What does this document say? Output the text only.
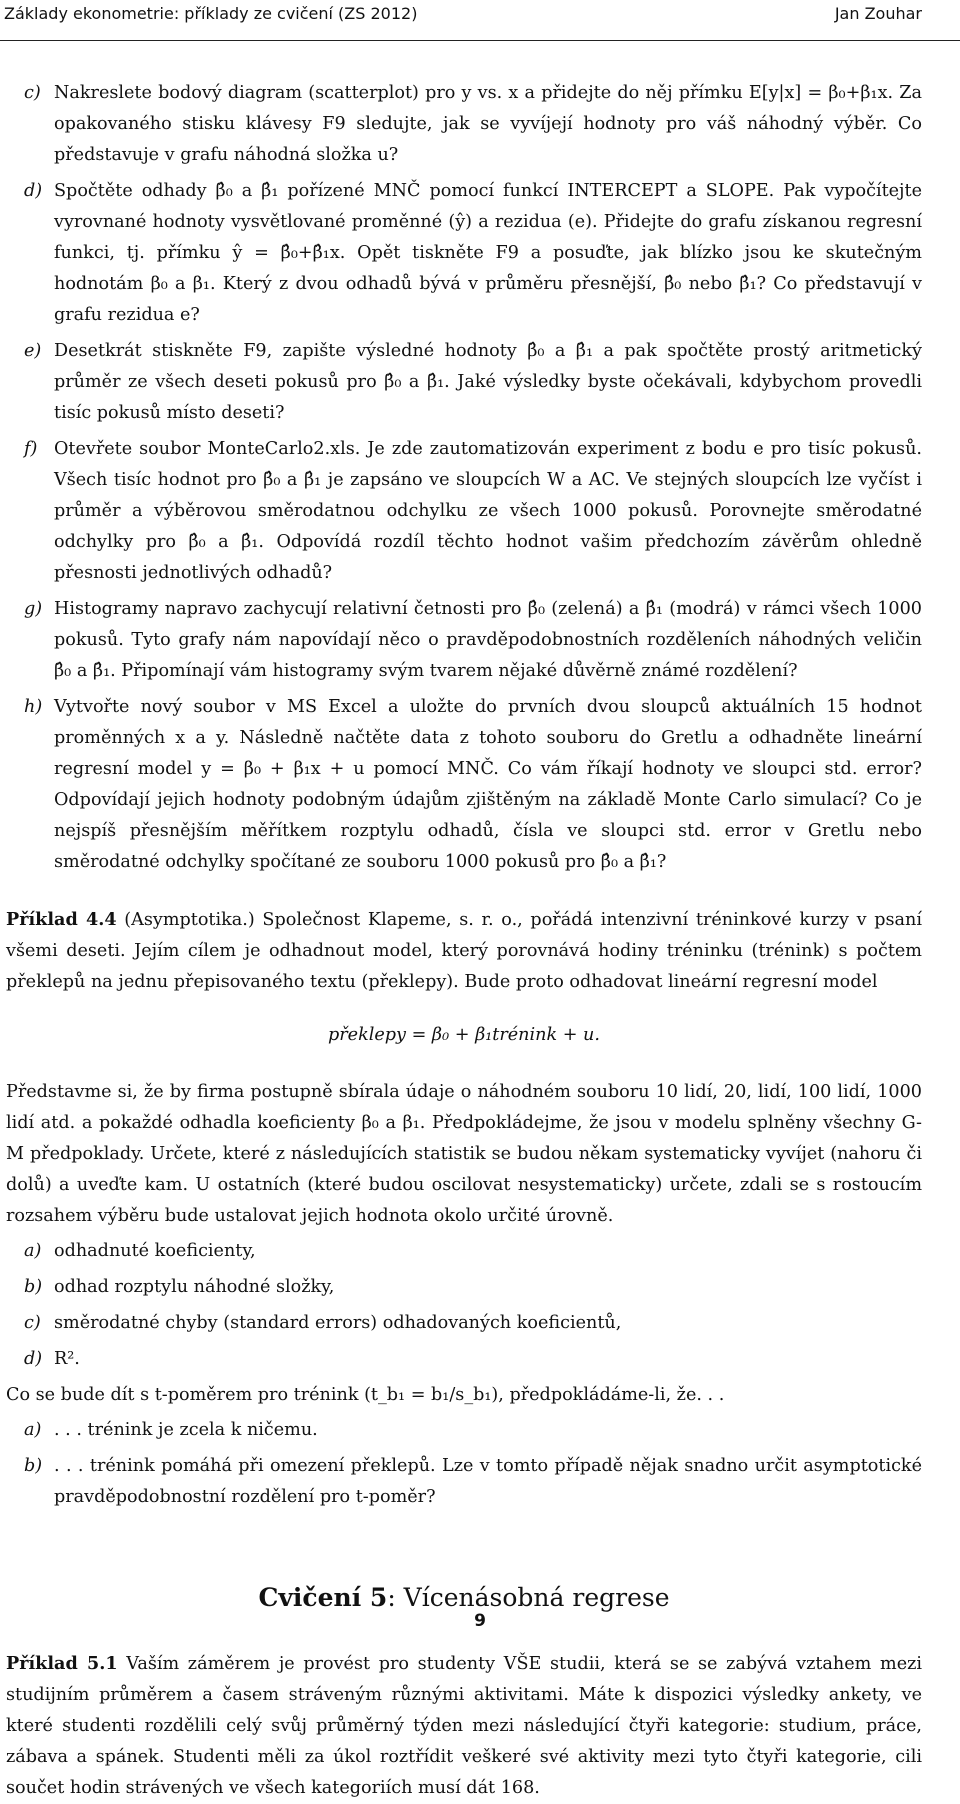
Základy ekonometrie: příklady ze cvičení (ZS 2012)	Jan Zouhar
c) Nakreslete bodový diagram (scatterplot) pro y vs. x a přidejte do něj přímku E[y|x] = β₀+β₁x. Za opakovaného stisku klávesy F9 sledujte, jak se vyvíjejí hodnoty pro váš náhodný výběr. Co představuje v grafu náhodná složka u?

d) Spočtěte odhady β̂₀ a β̂₁ pořízené MNČ pomocí funkcí INTERCEPT a SLOPE. Pak vypočítejte vyrovnané hodnoty vysvětlované proměnné (ŷ) a rezidua (e). Přidejte do grafu získanou regresní funkci, tj. přímku ŷ = β̂₀+β̂₁x. Opět tiskněte F9 a posuďte, jak blízko jsou ke skutečným hodnotám β₀ a β₁. Který z dvou odhadů bývá v průměru přesnější, β̂₀ nebo β̂₁? Co představují v grafu rezidua e?

e) Desetkrát stiskněte F9, zapište výsledné hodnoty β̂₀ a β̂₁ a pak spočtěte prostý aritmetický průměr ze všech deseti pokusů pro β̂₀ a β̂₁. Jaké výsledky byste očekávali, kdybychom provedli tisíc pokusů místo deseti?

f) Otevřete soubor MonteCarlo2.xls. Je zde zautomatizován experiment z bodu e pro tisíc pokusů. Všech tisíc hodnot pro β̂₀ a β̂₁ je zapsáno ve sloupcích W a AC. Ve stejných sloupcích lze vyčíst i průměr a výběrovou směrodatnou odchylku ze všech 1000 pokusů. Porovnejte směrodatné odchylky pro β̂₀ a β̂₁. Odpovídá rozdíl těchto hodnot vašim předchozím závěrům ohledně přesnosti jednotlivých odhadů?

g) Histogramy napravo zachycují relativní četnosti pro β̂₀ (zelená) a β̂₁ (modrá) v rámci všech 1000 pokusů. Tyto grafy nám napovídají něco o pravděpodobnostních rozděleních náhodných veličin β̂₀ a β̂₁. Připomínají vám histogramy svým tvarem nějaké důvěrně známé rozdělení?

h) Vytvořte nový soubor v MS Excel a uložte do prvních dvou sloupců aktuálních 15 hodnot proměnných x a y. Následně načtěte data z tohoto souboru do Gretlu a odhadněte lineární regresní model y = β₀ + β₁x + u pomocí MNČ. Co vám říkají hodnoty ve sloupci std. error? Odpovídají jejich hodnoty podobným údajům zjištěným na základě Monte Carlo simulací? Co je nejspíš přesnějším měřítkem rozptylu odhadů, čísla ve sloupci std. error v Gretlu nebo směrodatné odchylky spočítané ze souboru 1000 pokusů pro β̂₀ a β̂₁?

Příklad 4.4 (Asymptotika.) Společnost Klapeme, s. r. o., pořádá intenzivní tréninkové kurzy v psaní všemi deseti. Jejím cílem je odhadnout model, který porovnává hodiny tréninku (trénink) s počtem překlepů na jednu přepisovaného textu (překlepy). Bude proto odhadovat lineární regresní model

překlepy = β₀ + β₁trénink + u.

Představme si, že by firma postupně sbírala údaje o náhodném souboru 10 lidí, 20, lidí, 100 lidí, 1000 lidí atd. a pokaždé odhadla koeficienty β₀ a β₁. Předpokládejme, že jsou v modelu splněny všechny G-M předpoklady. Určete, které z následujících statistik se budou někam systematicky vyvíjet (nahoru či dolů) a uveďte kam. U ostatních (které budou oscilovat nesystematicky) určete, zdali se s rostoucím rozsahem výběru bude ustalovat jejich hodnota okolo určité úrovně.

a) odhadnuté koeficienty,

b) odhad rozptylu náhodné složky,

c) směrodatné chyby (standard errors) odhadovaných koeficientů,

d) R².

Co se bude dít s t-poměrem pro trénink (t_b₁ = b₁/s_b₁), předpokládáme-li, že. . .

a) . . . trénink je zcela k ničemu.

b) . . . trénink pomáhá při omezení překlepů. Lze v tomto případě nějak snadno určit asymptotické pravděpodobnostní rozdělení pro t-poměr?

Cvičení 5: Vícenásobná regrese

Příklad 5.1 Vaším záměrem je provést pro studenty VŠE studii, která se se zabývá vztahem mezi studijním průměrem a časem stráveným různými aktivitami. Máte k dispozici výsledky ankety, ve které studenti rozdělili celý svůj průměrný týden mezi následující čtyři kategorie: studium, práce, zábava a spánek. Studenti měli za úkol roztřídit veškeré své aktivity mezi tyto čtyři kategorie, cili součet hodin strávených ve všech kategoriích musí dát 168.

9
